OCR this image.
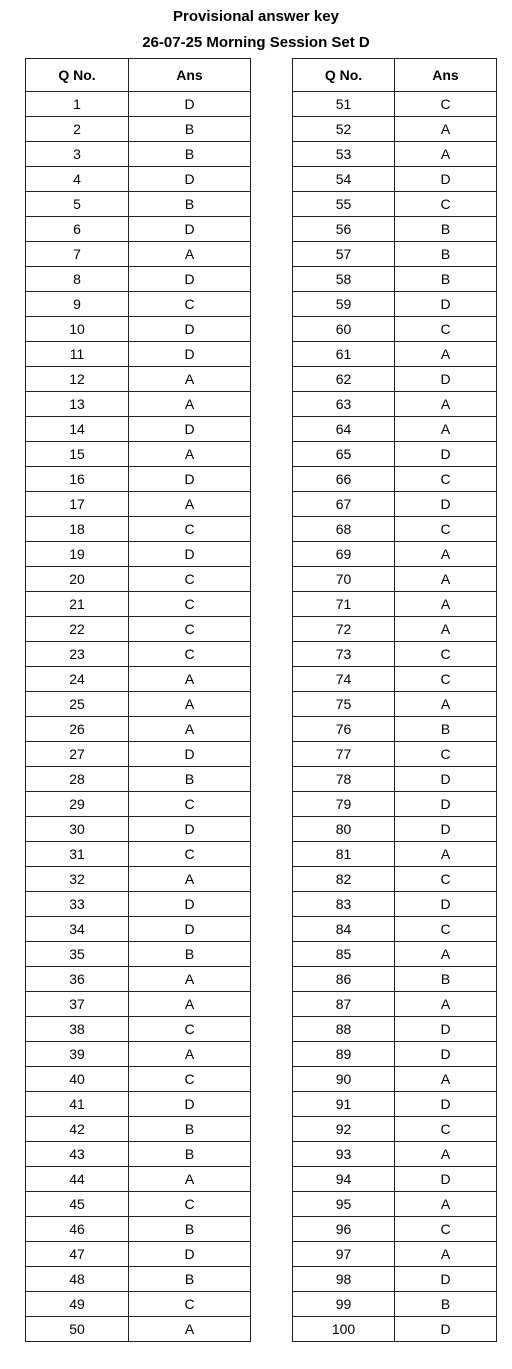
Provisional answer key
26-07-25 Morning Session Set D
Q No.	Ans
1	D
2	B
3	B
4	D
5	B
6	D
7	A
8	D
9	C
10	D
11	D
12	A
13	A
14	D
15	A
16	D
17	A
18	C
19	D
20	C
21	C
22	C
23	C
24	A
25	A
26	A
27	D
28	B
29	C
30	D
31	C
32	A
33	D
34	D
35	B
36	A
37	A
38	C
39	A
40	C
41	D
42	B
43	B
44	A
45	C
46	B
47	D
48	B
49	C
50	A
Q No.	Ans
51	C
52	A
53	A
54	D
55	C
56	B
57	B
58	B
59	D
60	C
61	A
62	D
63	A
64	A
65	D
66	C
67	D
68	C
69	A
70	A
71	A
72	A
73	C
74	C
75	A
76	B
77	C
78	D
79	D
80	D
81	A
82	C
83	D
84	C
85	A
86	B
87	A
88	D
89	D
90	A
91	D
92	C
93	A
94	D
95	A
96	C
97	A
98	D
99	B
100	D
